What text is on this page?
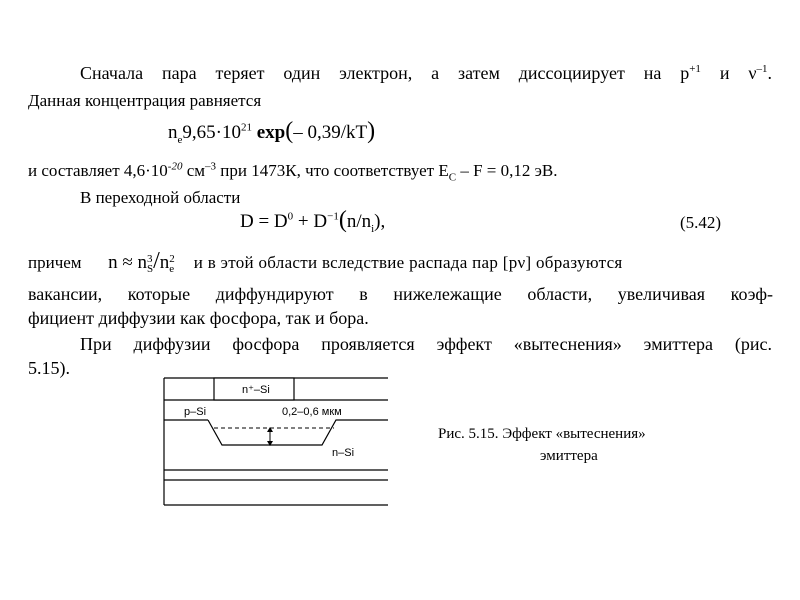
Сначала пара теряет один электрон, а затем диссоциирует на $p^{+1}$ и $\nu^{-1}$.
Данная концентрация равняется
$n_e9,65\cdot 10^{21}$ exp(– 0,39/kT)
и составляет $4,6\cdot 10^{-20}$ $см^{-3}$ при 1473К, что соответствует $E_C - F = 0,12$ эВ.
В переходной области
$D = D^0 + D^{-1}(n/n_i)$,	(5.42)
причем n ≈ n 3
S /n 2
e и в этой области вследствие распада пар [pν] образуются
вакансии, которые диффундируют в нижележащие области, увеличивая коэф-
фициент диффузии как фосфора, так и бора.
При диффузии фосфора проявляется эффект «вытеснения» эмиттера (рис.
5.15).
n⁺–Si
p–Si	0,2–0,6 мкм
n–Si
Рис. 5.15. Эффект «вытеснения»
эмиттера
